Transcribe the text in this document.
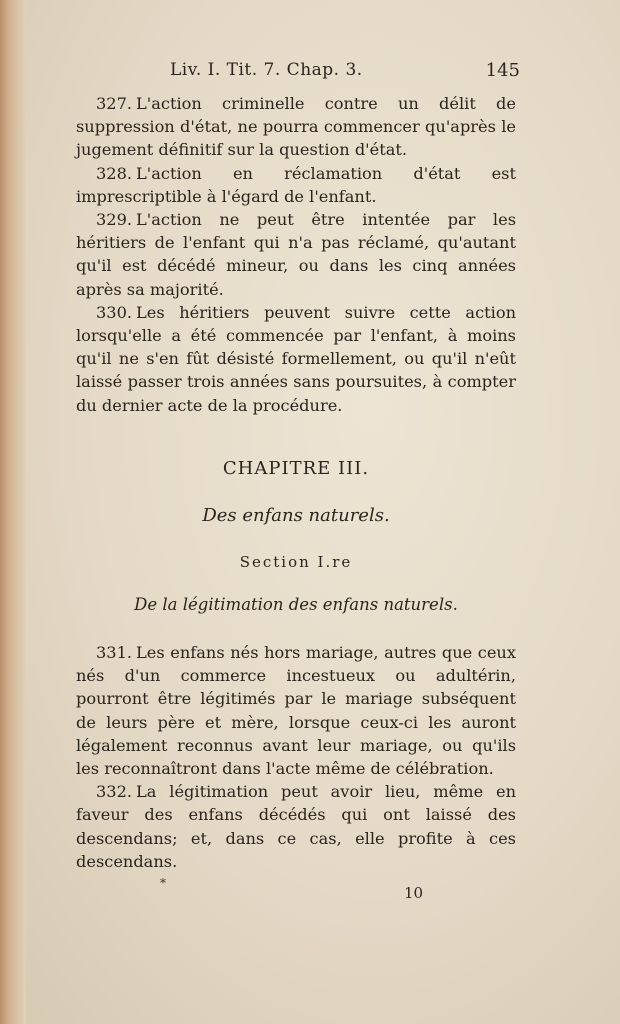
Liv. I. Tit. 7. Chap. 3.	145

327. L'action criminelle contre un délit de suppression d'état, ne pourra commencer qu'après le jugement définitif sur la question d'état.

328. L'action en réclamation d'état est imprescriptible à l'égard de l'enfant.

329. L'action ne peut être intentée par les héritiers de l'enfant qui n'a pas réclamé, qu'autant qu'il est décédé mineur, ou dans les cinq années après sa majorité.

330. Les héritiers peuvent suivre cette action lorsqu'elle a été commencée par l'enfant, à moins qu'il ne s'en fût désisté formellement, ou qu'il n'eût laissé passer trois années sans poursuites, à compter du dernier acte de la procédure.

CHAPITRE III.
Des enfans naturels.
Section I.re
De la légitimation des enfans naturels.

331. Les enfans nés hors mariage, autres que ceux nés d'un commerce incestueux ou adultérin, pourront être légitimés par le mariage subséquent de leurs père et mère, lorsque ceux-ci les auront légalement reconnus avant leur mariage, ou qu'ils les reconnaîtront dans l'acte même de célébration.

332. La légitimation peut avoir lieu, même en faveur des enfans décédés qui ont laissé des descendans; et, dans ce cas, elle profite à ces descendans.

*
10
